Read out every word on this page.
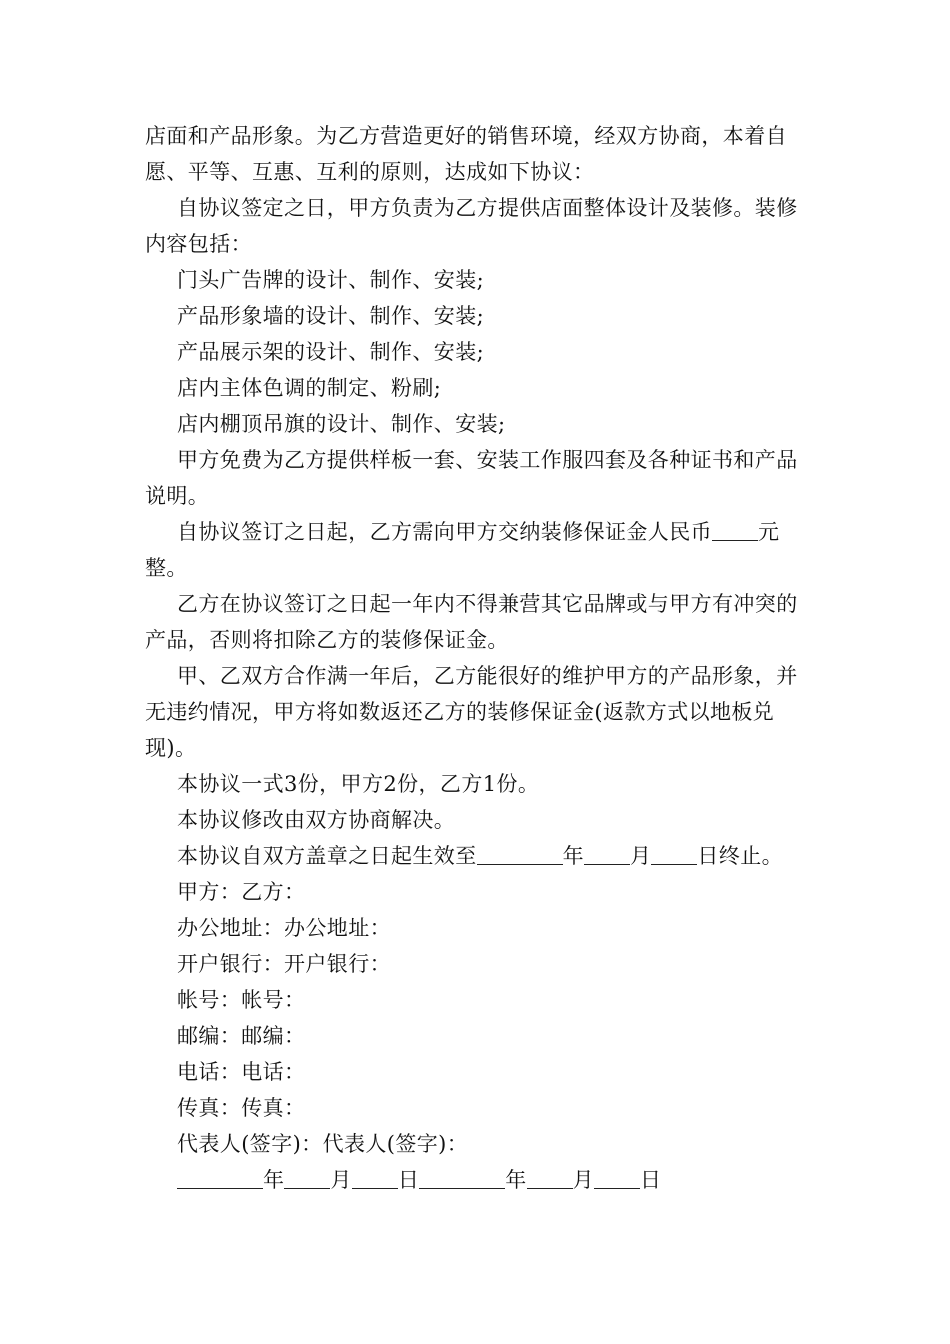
店面和产品形象。为乙方营造更好的销售环境，经双方协商，本着自愿、平等、互惠、互利的原则，达成如下协议：

自协议签定之日，甲方负责为乙方提供店面整体设计及装修。装修内容包括：

门头广告牌的设计、制作、安装;

产品形象墙的设计、制作、安装;

产品展示架的设计、制作、安装;

店内主体色调的制定、粉刷;

店内棚顶吊旗的设计、制作、安装;

甲方免费为乙方提供样板一套、安装工作服四套及各种证书和产品说明。

自协议签订之日起，乙方需向甲方交纳装修保证金人民币 元整。

乙方在协议签订之日起一年内不得兼营其它品牌或与甲方有冲突的产品，否则将扣除乙方的装修保证金。

甲、乙双方合作满一年后，乙方能很好的维护甲方的产品形象，并无违约情况，甲方将如数返还乙方的装修保证金(返款方式以地板兑现)。

本协议一式3份，甲方2份，乙方1份。

本协议修改由双方协商解决。

本协议自双方盖章之日起生效至	年 月 日终止。

甲方：乙方：

办公地址：办公地址：

开户银行：开户银行：

帐号：帐号：

邮编：邮编：

电话：电话：

传真：传真：

代表人(签字)：代表人(签字)：

年 月 日	年 月 日
